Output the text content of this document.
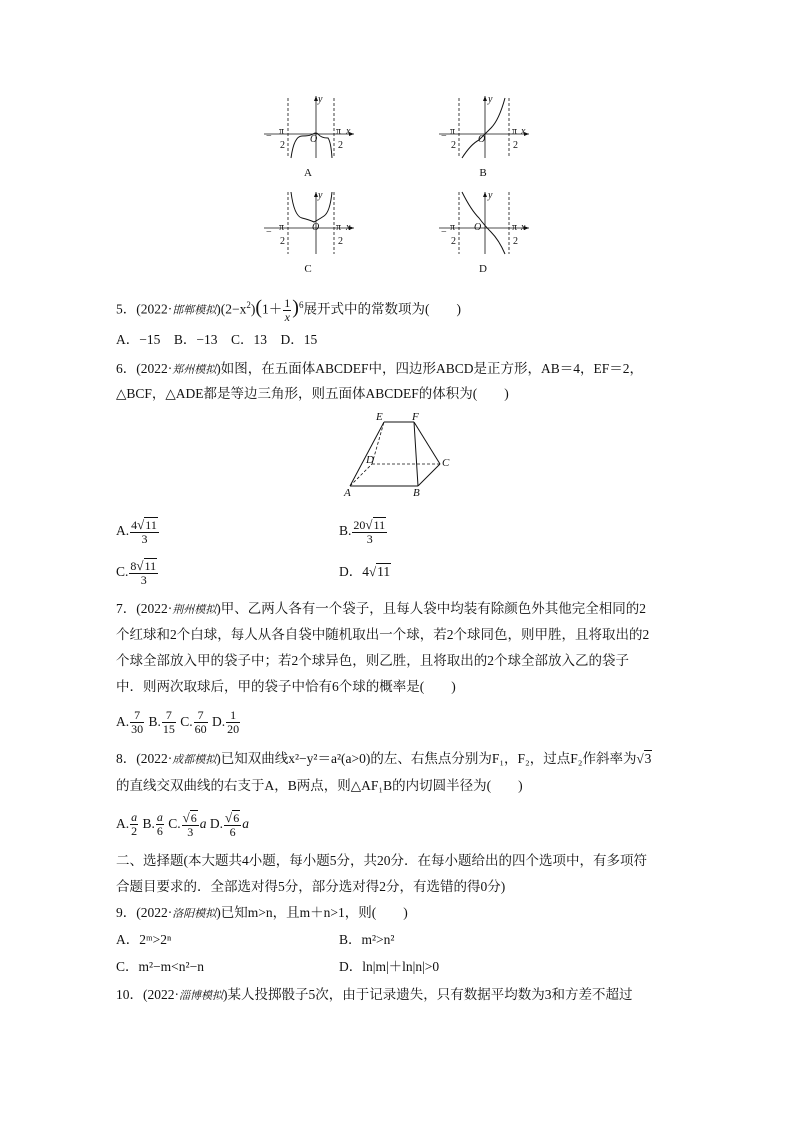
A	B
C	D
− π
2
O
π
2
x
y
− π
2
O
π
2
x
y
− π
2
O π
2
x
y
− π
2
O	π
2
x
y
5．(2022·邯郸模拟)$(2-x^2)(1+ \frac{1}{x} )^6$展开式中的常数项为(　　)
A．−15　B．−13　C．13　D．15
6．(2022·郑州模拟)如图，在五面体ABCDEF中，四边形ABCD是正方形，AB＝4，EF＝2，
△BCF，△ADE都是等边三角形，则五面体ABCDEF的体积为(　　)
E	F
D	C
A	B
A. $\frac{4√11}{3}$	B. $\frac{20√11}{3}$
C. $\frac{8√11}{3}$	D．4√11
7．(2022·荆州模拟)甲、乙两人各有一个袋子，且每人袋中均装有除颜色外其他完全相同的2
个红球和2个白球，每人从各自袋中随机取出一个球，若2个球同色，则甲胜，且将取出的2
个球全部放入甲的袋子中；若2个球异色，则乙胜，且将取出的2个球全部放入乙的袋子
中．则两次取球后，甲的袋子中恰有6个球的概率是(　　)
A. $\frac{7}{30} B$. $\frac{7}{15} C$. $\frac{7}{60} D$. $\frac{1}{20}$
8．(2022·成都模拟)已知双曲线x²−y²＝a²(a>0)的左、右焦点分别为F₁，F₂，过点F₂作斜率为√3
的直线交双曲线的右支于A，B两点，则△AF₁B的内切圆半径为(　　)
A. $\frac{a}{2} B$. $\frac{a}{6} C$. $\frac{√6}{3}$ a D. $\frac{√6}{6}$ a
二、选择题(本大题共4小题，每小题5分，共20分．在每小题给出的四个选项中，有多项符
合题目要求的．全部选对得5分，部分选对得2分，有选错的得0分)
9．(2022·洛阳模拟)已知m>n，且m＋n>1，则(　　)
A．2ᵐ>2ⁿ	B．m²>n²
C．m²−m<n²−n	D．ln|m|＋ln|n|>0
10．(2022·淄博模拟)某人投掷骰子5次，由于记录遗失，只有数据平均数为3和方差不超过
